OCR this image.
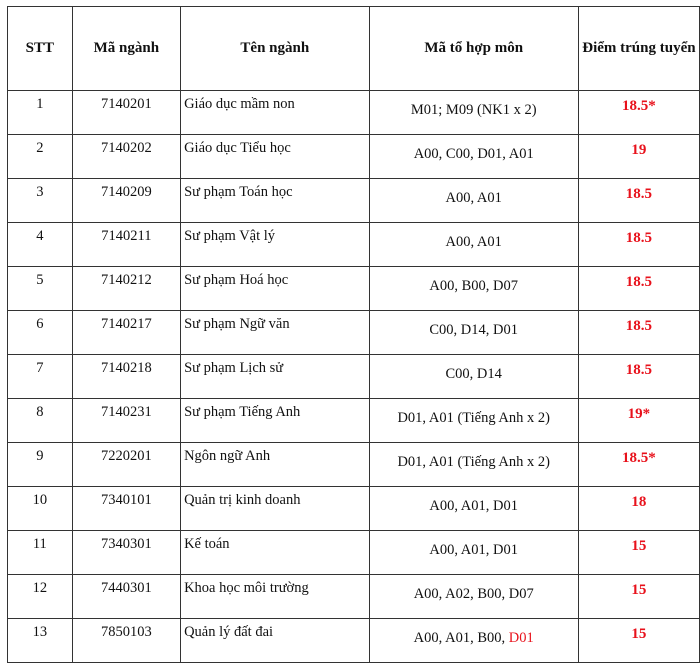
STT	Mã ngành	Tên ngành	Mã tổ hợp môn	Điểm trúng tuyển
1	7140201	Giáo dục mầm non	M01; M09 (NK1 x 2)	18.5*
2	7140202	Giáo dục Tiểu học	A00, C00, D01, A01	19
3	7140209	Sư phạm Toán học	A00, A01	18.5
4	7140211	Sư phạm Vật lý	A00, A01	18.5
5	7140212	Sư phạm Hoá học	A00, B00, D07	18.5
6	7140217	Sư phạm Ngữ văn	C00, D14, D01	18.5
7	7140218	Sư phạm Lịch sử	C00, D14	18.5
8	7140231	Sư phạm Tiếng Anh	D01, A01 (Tiếng Anh x 2)	19*
9	7220201	Ngôn ngữ Anh	D01, A01 (Tiếng Anh x 2)	18.5*
10	7340101	Quản trị kinh doanh	A00, A01, D01	18
11	7340301	Kế toán	A00, A01, D01	15
12	7440301	Khoa học môi trường	A00, A02, B00, D07	15
13	7850103	Quản lý đất đai	A00, A01, B00, D01	15
